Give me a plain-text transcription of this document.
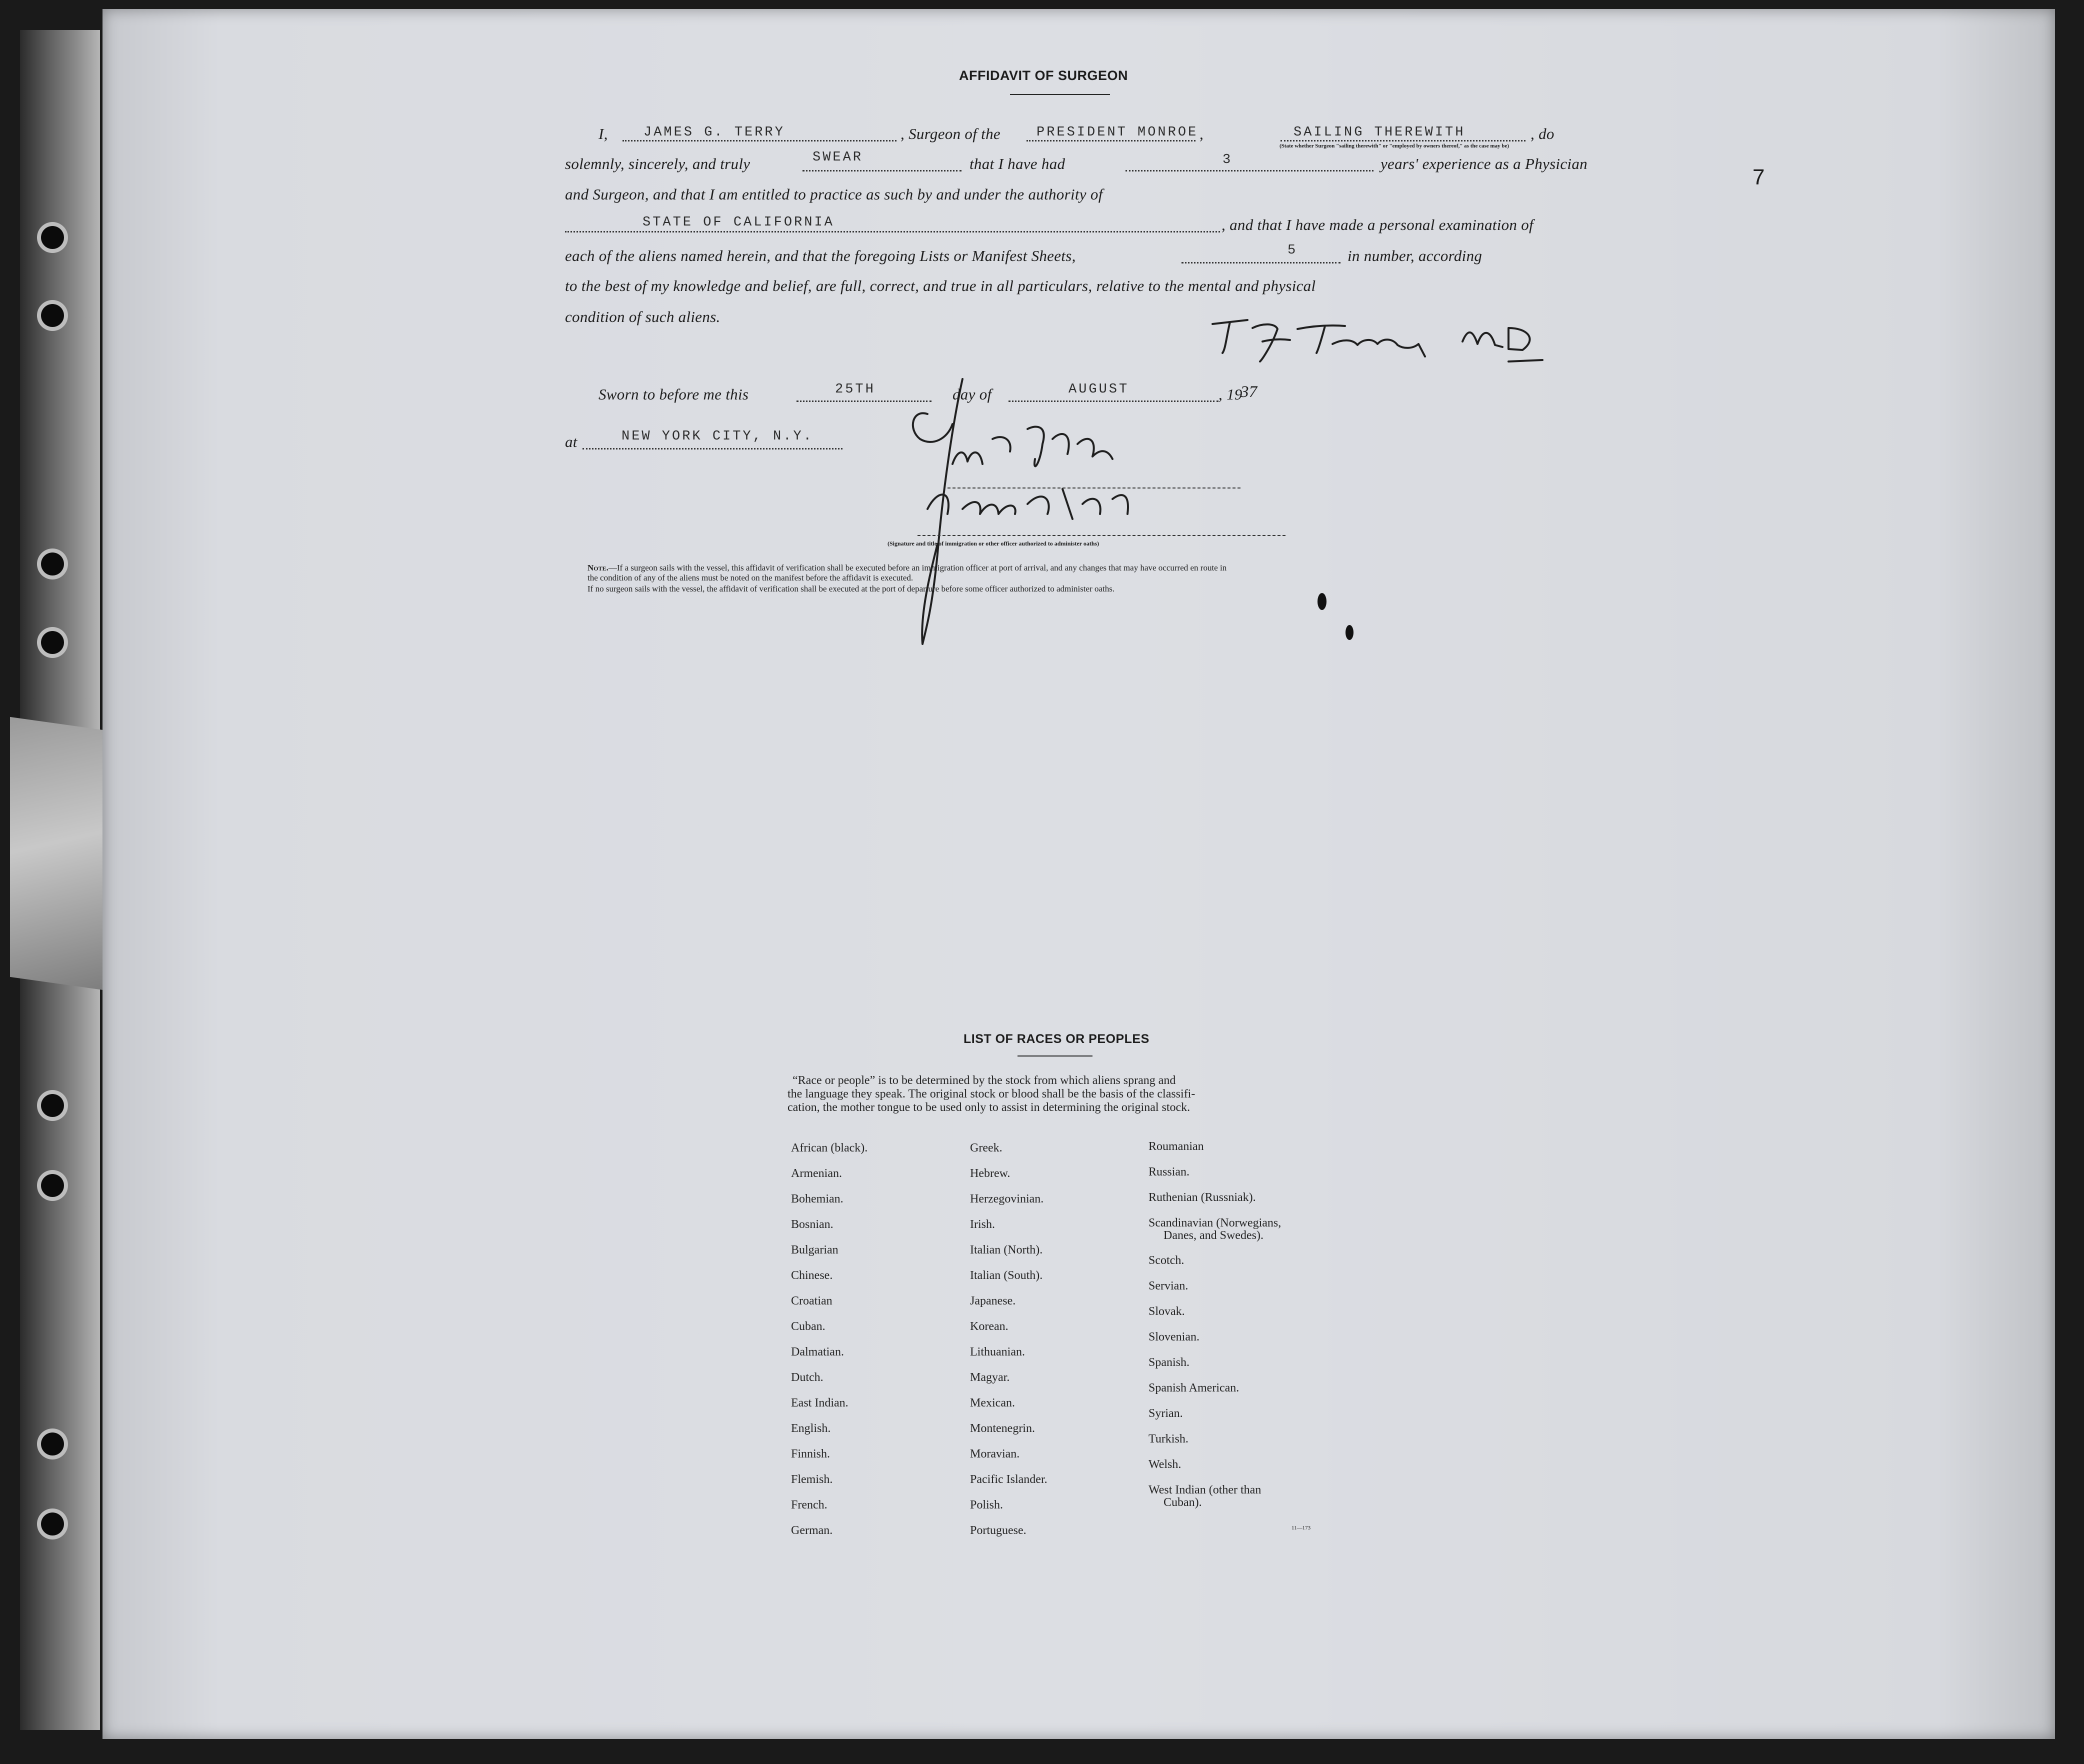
7
AFFIDAVIT OF SURGEON
I,	JAMES G. TERRY	, Surgeon of the	PRESIDENT MONROE ,	SAILING THEREWITH	, do
(State whether Surgeon "sailing therewith" or "employed by owners thereof," as the case may be)
solemnly, sincerely, and truly	SWEAR	that I have had	3	years' experience as a Physician
and Surgeon, and that I am entitled to practice as such by and under the authority of
STATE OF CALIFORNIA	, and that I have made a personal examination of
each of the aliens named herein, and that the foregoing Lists or Manifest Sheets,	5	in number, according
to the best of my knowledge and belief, are full, correct, and true in all particulars, relative to the mental and physical
condition of such aliens.
Sworn to before me this	25TH	day of	AUGUST	, 19
37
at	NEW YORK CITY, N.Y.
(Signature and title of immigration or other officer authorized to administer oaths)
Note.—If a surgeon sails with the vessel, this affidavit of verification shall be executed before an immigration officer at port of arrival, and any changes that may have occurred en route in
the condition of any of the aliens must be noted on the manifest before the affidavit is executed.
If no surgeon sails with the vessel, the affidavit of verification shall be executed at the port of departure before some officer authorized to administer oaths.
LIST OF RACES OR PEOPLES
“Race or people” is to be determined by the stock from which aliens sprang and
the language they speak. The original stock or blood shall be the basis of the classifi-
cation, the mother tongue to be used only to assist in determining the original stock.
African (black).
Armenian.
Bohemian.
Bosnian.
Bulgarian
Chinese.
Croatian
Cuban.
Dalmatian.
Dutch.
East Indian.
English.
Finnish.
Flemish.
French.
German.
Greek.
Hebrew.
Herzegovinian.
Irish.
Italian (North).
Italian (South).
Japanese.
Korean.
Lithuanian.
Magyar.
Mexican.
Montenegrin.
Moravian.
Pacific Islander.
Polish.
Portuguese.
Roumanian
Russian.
Ruthenian (Russniak).
Scandinavian (Norwegians,
Danes, and Swedes).
Scotch.
Servian.
Slovak.
Slovenian.
Spanish.
Spanish American.
Syrian.
Turkish.
Welsh.
West Indian (other than
Cuban).
11—173
